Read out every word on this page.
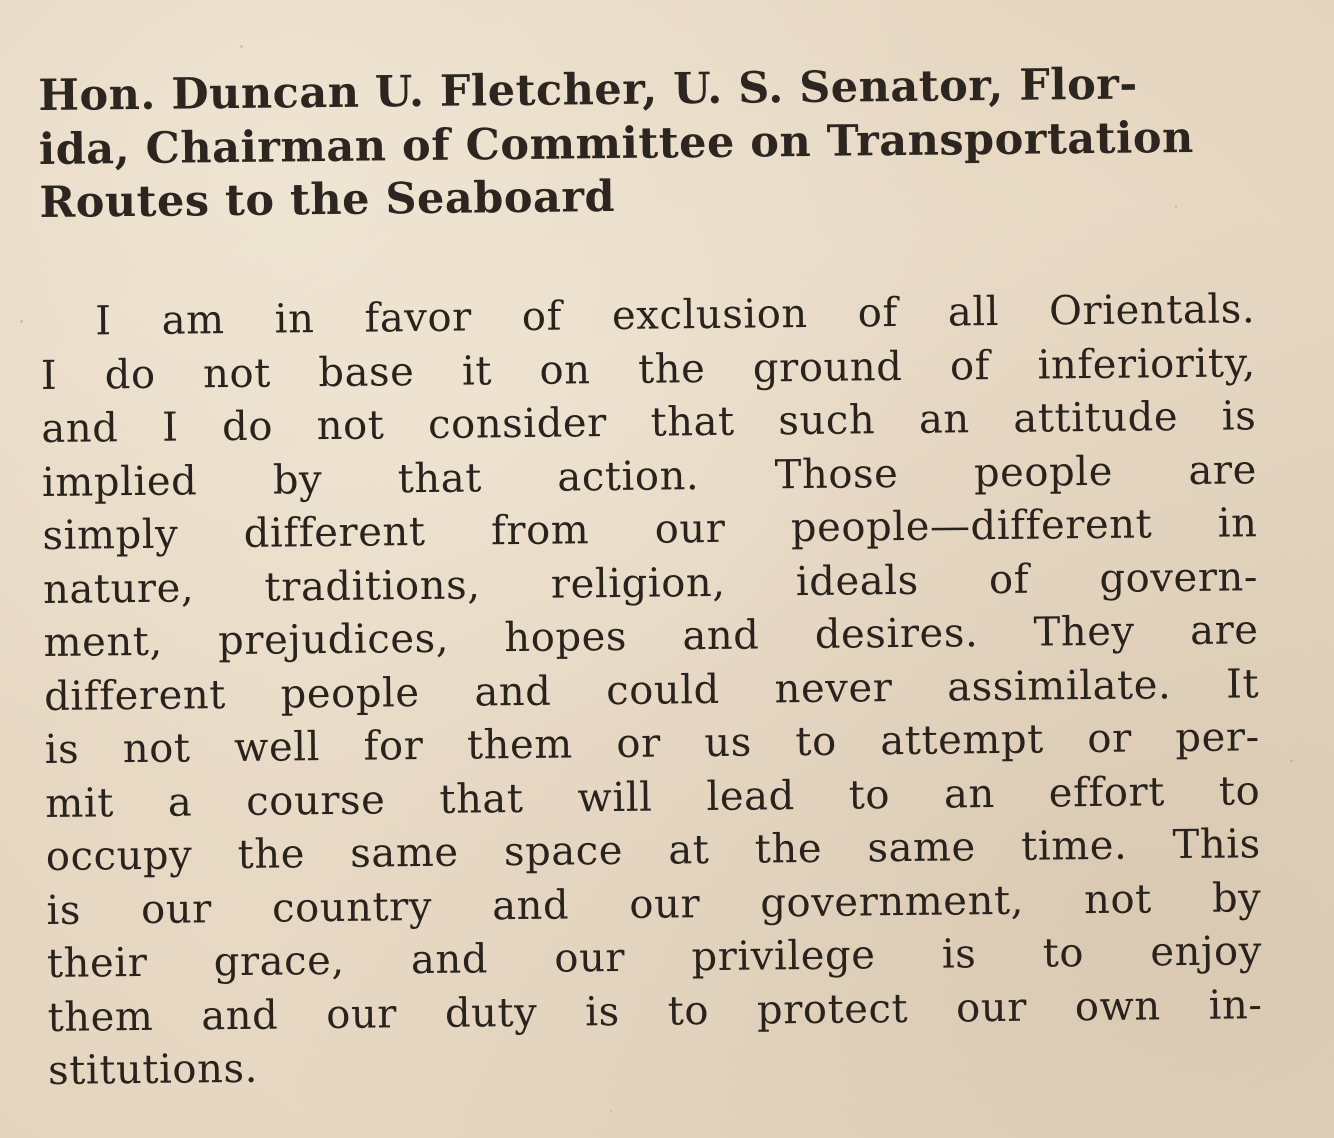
Hon. Duncan U. Fletcher, U. S. Senator, Flor-
ida, Chairman of Committee on Transportation
Routes to the Seaboard
I am in favor of exclusion of all Orientals.
I do not base it on the ground of inferiority,
and I do not consider that such an attitude is
implied by that action. Those people are
simply different from our people—different in
nature, traditions, religion, ideals of govern-
ment, prejudices, hopes and desires. They are
different people and could never assimilate. It
is not well for them or us to attempt or per-
mit a course that will lead to an effort to
occupy the same space at the same time. This
is our country and our government, not by
their grace, and our privilege is to enjoy
them and our duty is to protect our own in-
stitutions.
